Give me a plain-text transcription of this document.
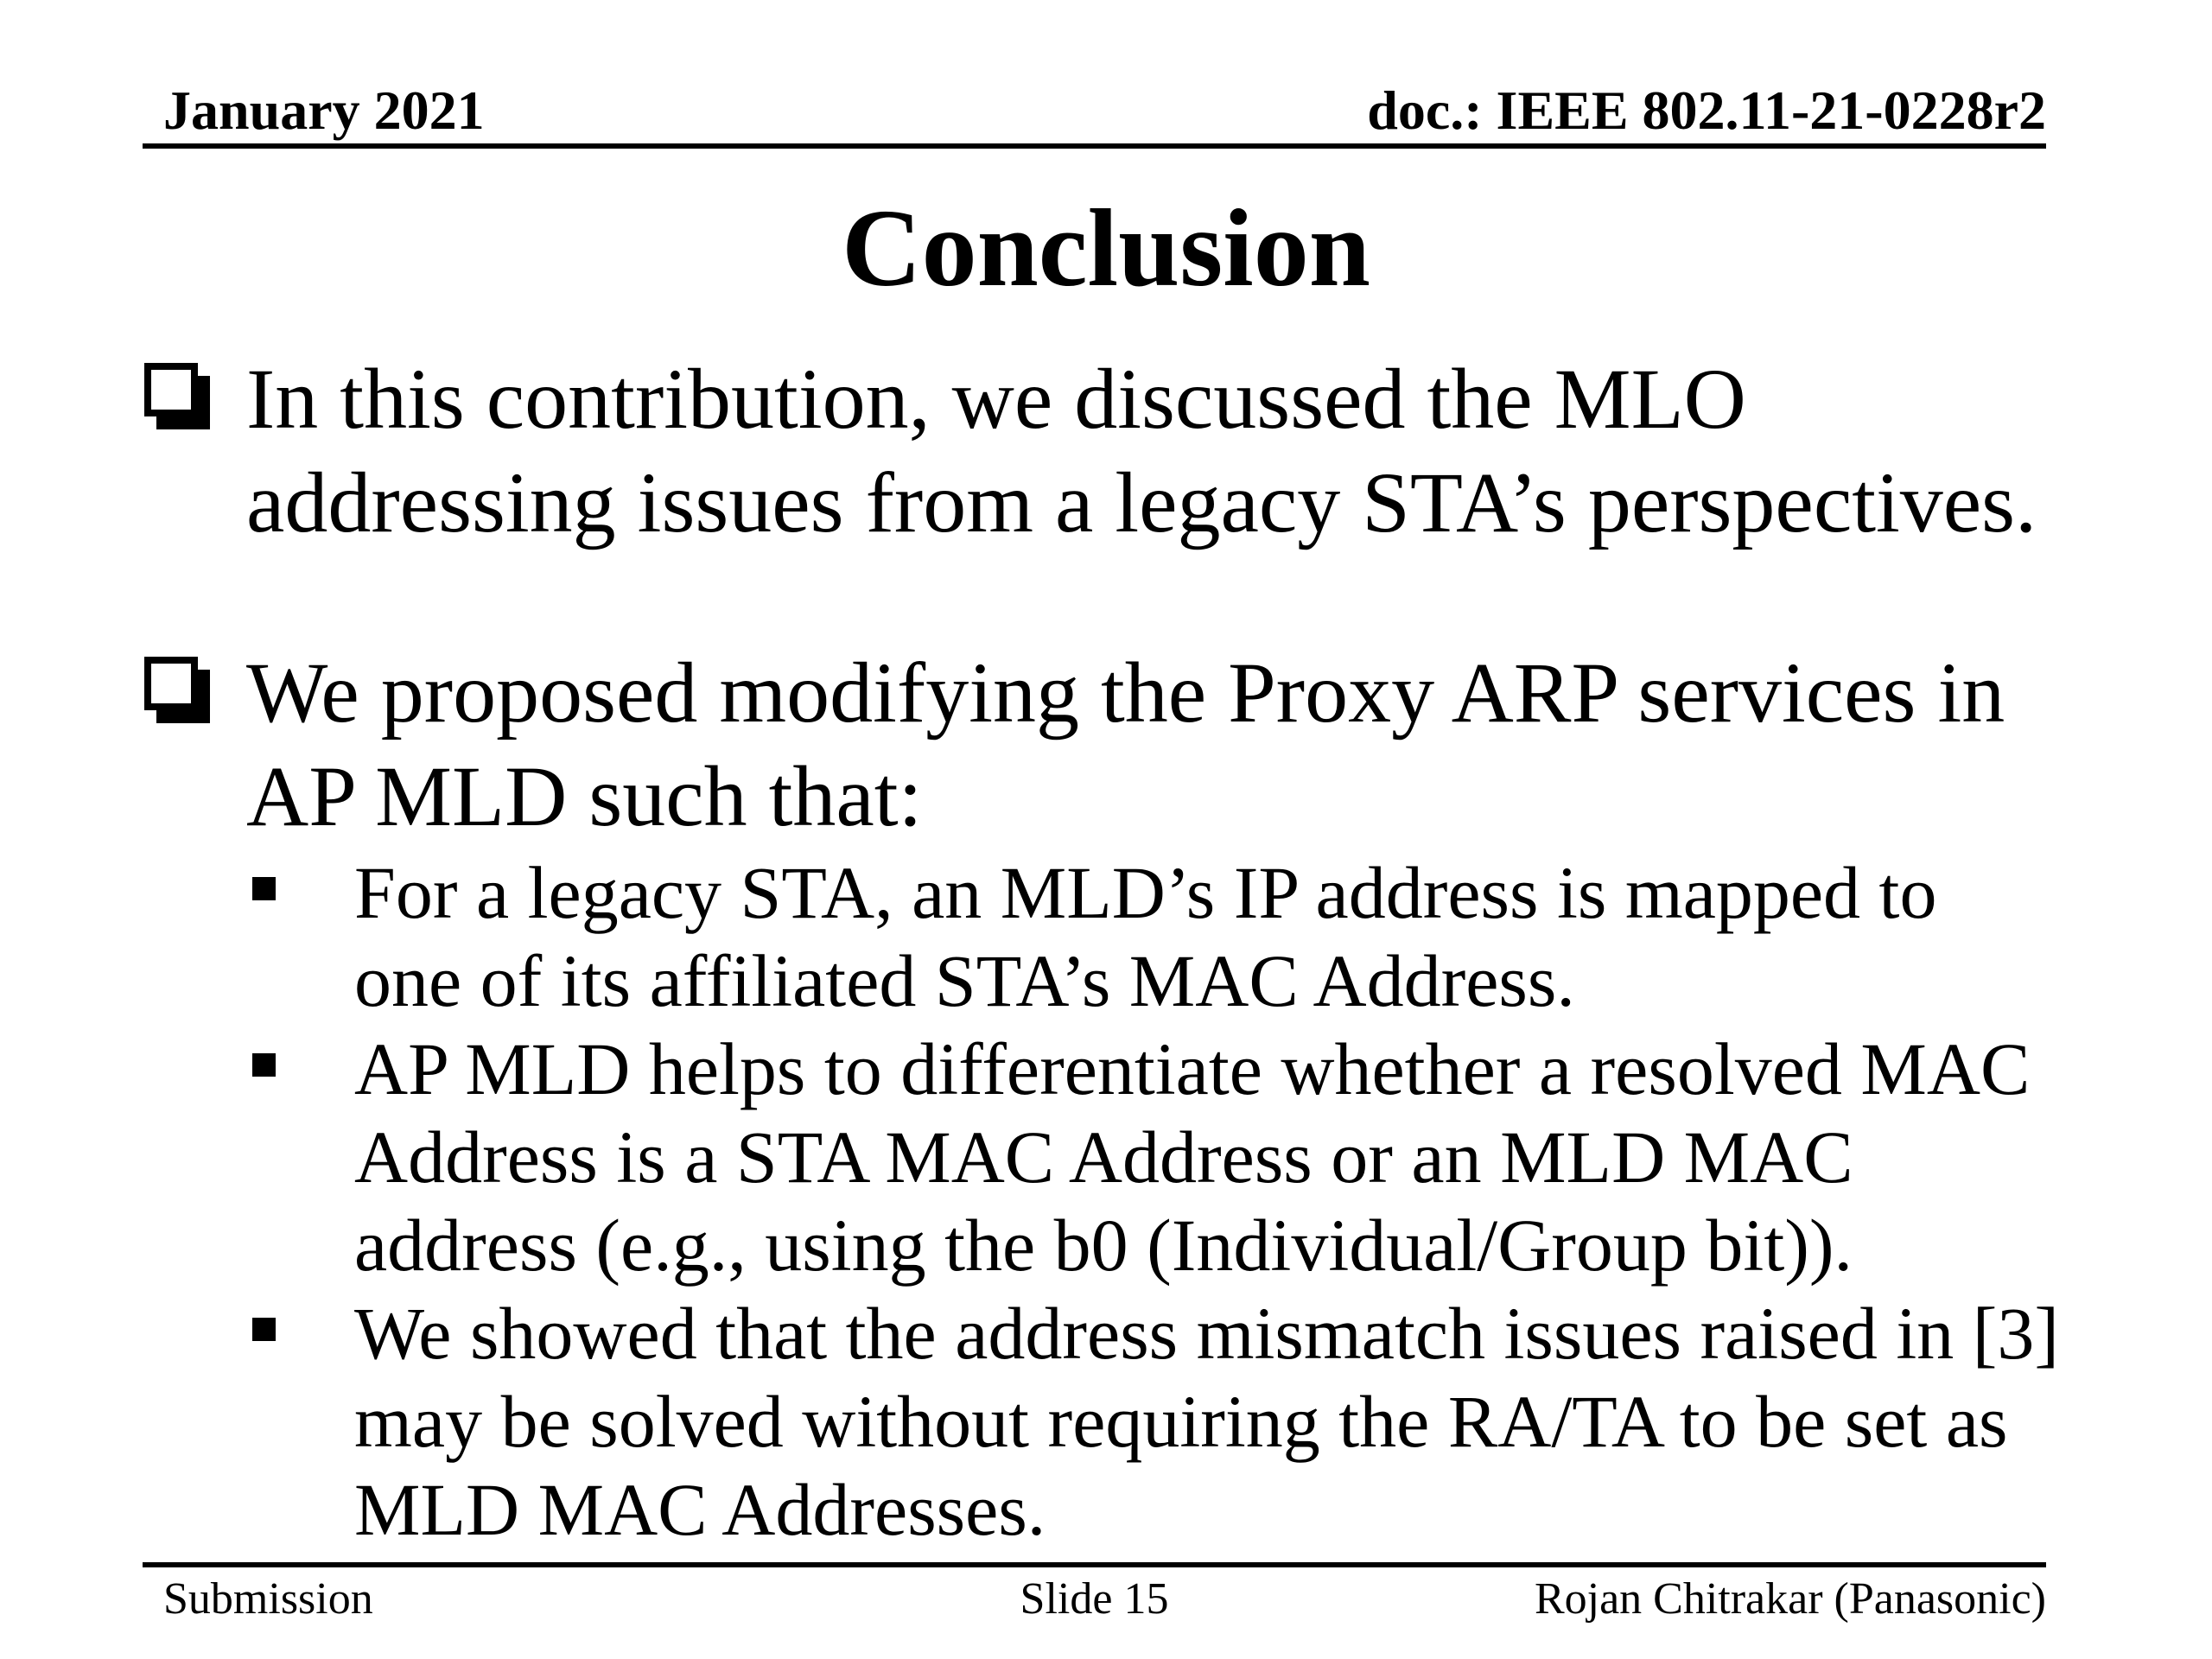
January 2021	doc.: IEEE 802.11-21-0228r2
Conclusion
In this contribution, we discussed the MLO
addressing issues from a legacy STA’s perspectives.
We proposed modifying the Proxy ARP services in
AP MLD such that:
For a legacy STA, an MLD’s IP address is mapped to
one of its affiliated STA’s MAC Address.
AP MLD helps to differentiate whether a resolved MAC
Address is a STA MAC Address or an MLD MAC
address (e.g., using the b0 (Individual/Group bit)).
We showed that the address mismatch issues raised in [3]
may be solved without requiring the RA/TA to be set as
MLD MAC Addresses.
Submission	Slide 15	Rojan Chitrakar (Panasonic)
